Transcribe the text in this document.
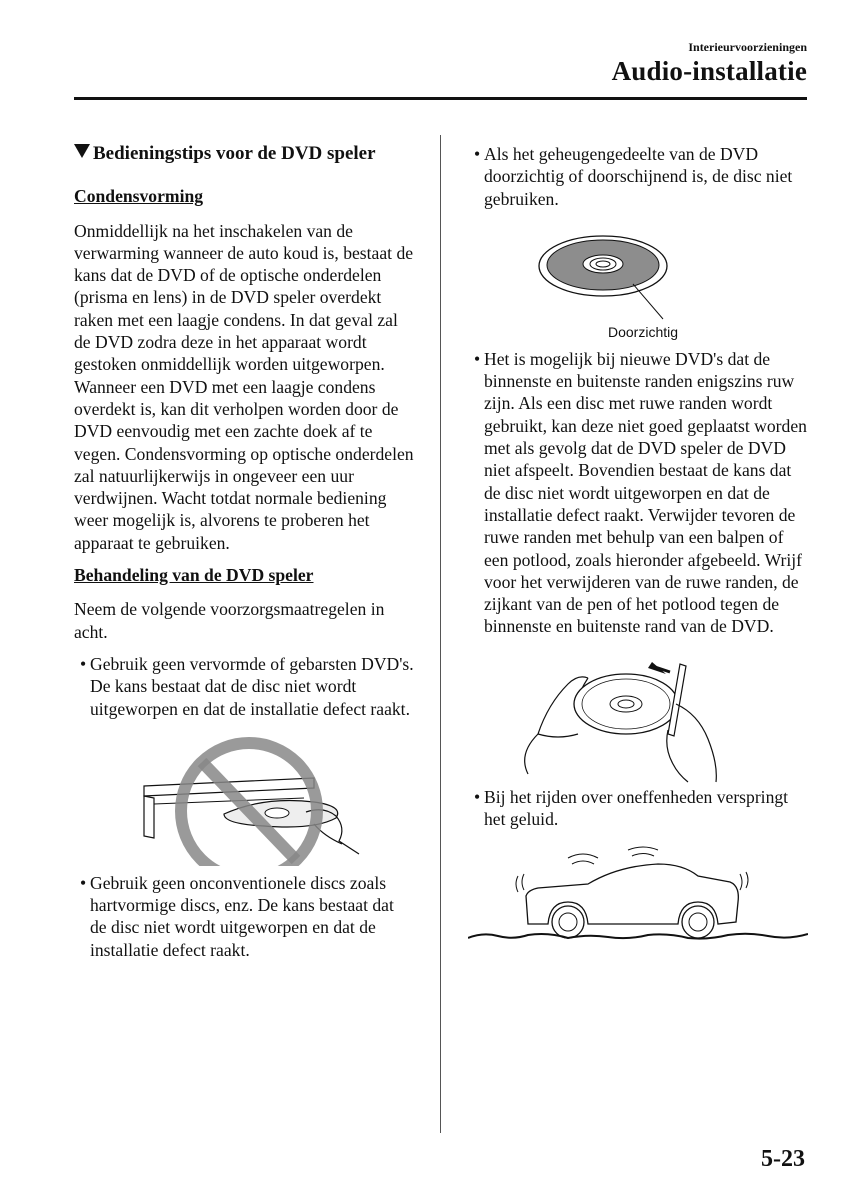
Interieurvoorzieningen
Audio-installatie
Bedieningstips voor de DVD speler
Condensvorming

Onmiddellijk na het inschakelen van de verwarming wanneer de auto koud is, bestaat de kans dat de DVD of de optische onderdelen (prisma en lens) in de DVD speler overdekt raken met een laagje condens. In dat geval zal de DVD zodra deze in het apparaat wordt gestoken onmiddellijk worden uitgeworpen. Wanneer een DVD met een laagje condens overdekt is, kan dit verholpen worden door de DVD eenvoudig met een zachte doek af te vegen. Condensvorming op optische onderdelen zal natuurlijkerwijs in ongeveer een uur verdwijnen. Wacht totdat normale bediening weer mogelijk is, alvorens te proberen het apparaat te gebruiken.

Behandeling van de DVD speler

Neem de volgende voorzorgsmaatregelen in acht.

• Gebruik geen vervormde of gebarsten DVD's. De kans bestaat dat de disc niet wordt uitgeworpen en dat de installatie defect raakt.
• Gebruik geen onconventionele discs zoals hartvormige discs, enz. De kans bestaat dat de disc niet wordt uitgeworpen en dat de installatie defect raakt.
• Als het geheugengedeelte van de DVD doorzichtig of doorschijnend is, de disc niet gebruiken.
Doorzichtig
• Het is mogelijk bij nieuwe DVD's dat de binnenste en buitenste randen enigszins ruw zijn. Als een disc met ruwe randen wordt gebruikt, kan deze niet goed geplaatst worden met als gevolg dat de DVD speler de DVD niet afspeelt. Bovendien bestaat de kans dat de disc niet wordt uitgeworpen en dat de installatie defect raakt. Verwijder tevoren de ruwe randen met behulp van een balpen of een potlood, zoals hieronder afgebeeld. Wrijf voor het verwijderen van de ruwe randen, de zijkant van de pen of het potlood tegen de binnenste en buitenste rand van de DVD.
• Bij het rijden over oneffenheden verspringt het geluid.
5-23
